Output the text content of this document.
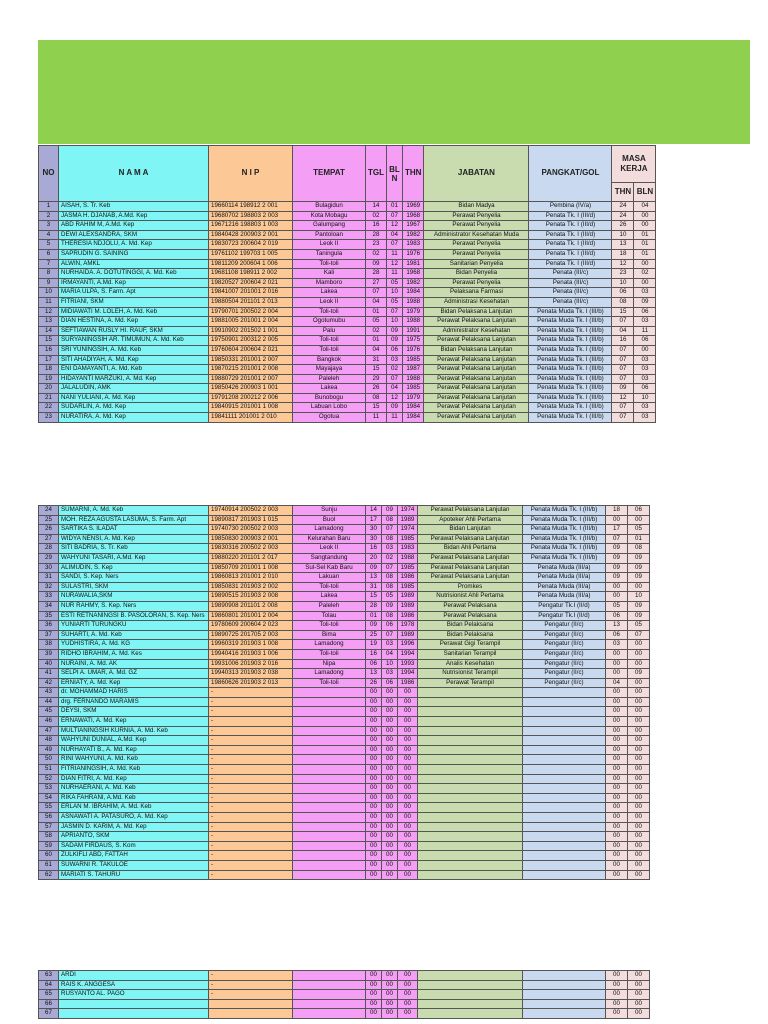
NO	N A M A	N I P	TEMPAT	TGL	BL N	THN	JABATAN	PANGKAT/GOL	MASA KERJA	
									THN	BLN
1	AISAH, S. Tr. Keb	19660114 198912 2 001	Bulagidun	14	01	1969	Bidan Madya	Pembina (IV/a)	24	04
2	JASMA H. DJANAB, A.Md. Kep	19680702 198803 2 003	Kota Mobagu	02	07	1968	Perawat Penyelia	Penata Tk. I (III/d)	24	00
3	ABD RAHIM M, A.Md. Kep	19671216 198803 1 003	Galumpang	16	12	1967	Perawat Penyelia	Penata Tk. I (III/d)	26	00
4	DEWI ALEXSANDRA, SKM	19840428 200903 2 001	Pantoloan	28	04	1982	Administrator Kesehatan Muda	Penata Tk. I (III/d)	10	01
5	THERESIA NDJOLU, A. Md. Kep	19830723 200604 2 019	Leok II	23	07	1983	Perawat Penyelia	Penata Tk. I (III/d)	13	01
6	SAPRUDIN G. SAINING	19761102 199703 1 005	Taningula	02	11	1976	Perawat Penyelia	Penata Tk. I (III/d)	18	01
7	ALWIN, AMKL	19811209 200604 1 006	Toli-toli	09	12	1981	Sanitarian Penyelia	Penata Tk. I (III/d)	12	00
8	NURHAIDA. A. DOTUTINGGI, A. Md. Keb	19681108 198911 2 002	Kali	28	11	1968	Bidan Penyelia	Penata (III/c)	23	02
9	IRMAYANTI, A.Md. Kep	19820527 200604 2 021	Mamboro	27	05	1982	Perawat Penyelia	Penata (III/c)	10	00
10	MARIA ULPA, S. Farm. Apt	19841007 201001 2 016	Lakea	07	10	1984	Pelaksana Farmasi	Penata (III/c)	06	03
11	FITRIANI, SKM	19880504 201101 2 013	Leok II	04	05	1988	Administrasi Kesehatan	Penata (III/c)	08	09
12	MIDIAWATI M. LOLEH, A. Md. Keb	19790701 200502 2 004	Toli-toli	01	07	1979	Bidan Pelaksana Lanjutan	Penata Muda Tk. I (III/b)	15	06
13	DIAN HESTINA, A. Md. Kep	19881005 201001 2 004	Ogotumubu	05	10	1988	Perawat Pelaksana Lanjutan	Penata Muda Tk. I (III/b)	07	03
14	SEFTIAWAN RUSLY HI. RAUF, SKM	19910902 201502 1 001	Palu	02	09	1991	Administrator Kesehatan	Penata Muda Tk. I (III/b)	04	11
15	SURYANINGSIH AR. TIMUMUN, A. Md. Keb	19750901 200312 2 005	Toli-toli	01	09	1975	Perawat Pelaksana Lanjutan	Penata Muda Tk. I (III/b)	16	06
16	SRI YUNINGSIH, A. Md. Keb	19760604 200604 2 021	Toli-toli	04	06	1976	Bidan Pelaksana Lanjutan	Penata Muda Tk. I (III/b)	07	00
17	SITI AHADIYAH, A. Md. Kep	19850331 201001 2 007	Bangkok	31	03	1985	Perawat Pelaksana Lanjutan	Penata Muda Tk. I (III/b)	07	03
18	ENI DAMAYANTI, A. Md. Keb	19870215 201001 2 008	Mayajaya	15	02	1987	Perawat Pelaksana Lanjutan	Penata Muda Tk. I (III/b)	07	03
19	HIDAYANTI MARZUKI, A. Md. Kep	19880729 201001 2 007	Paleleh	29	07	1988	Perawat Pelaksana Lanjutan	Penata Muda Tk. I (III/b)	07	03
20	JALALUDIN, AMK	19850426 200903 1 001	Lakea	26	04	1985	Perawat Pelaksana Lanjutan	Penata Muda Tk. I (III/b)	09	06
21	NANI YULIANI, A. Md. Kep	19791208 200212 2 006	Bunobogu	08	12	1979	Perawat Pelaksana Lanjutan	Penata Muda Tk. I (III/b)	12	10
22	SUDARLIN, A. Md. Kep	19840915 201001 1 008	Labuan Lobo	15	09	1984	Perawat Pelaksana Lanjutan	Penata Muda Tk. I (III/b)	07	03
23	NURATIRA, A. Md. Kep	19841111 201001 2 010	Ogotua	11	11	1984	Perawat Pelaksana Lanjutan	Penata Muda Tk. I (III/b)	07	03
24	SUMARNI, A. Md. Keb	19740914 200502 2 003	Sunju	14	09	1974	Perawat Pelaksana Lanjutan	Penata Muda Tk. I (III/b)	18	06
25	MOH. REZA AGUSTA LASUMA, S. Farm. Apt	19890817 201903 1 015	Buol	17	08	1989	Apoteker Ahli Pertama	Penata Muda Tk. I (III/b)	00	00
26	SARTIKA S. ILADAT	19740730 200502 2 003	Lamadong	30	07	1974	Bidan Lanjutan	Penata Muda Tk. I (III/b)	17	05
27	WIDYA NENSI, A. Md. Kep	19850830 200903 2 001	Kelurahan Baru	30	08	1985	Perawat Pelaksana Lanjutan	Penata Muda Tk. I (III/b)	07	01
28	SITI BADRIA, S. Tr. Keb	19830316 200502 2 003	Leok II	16	03	1983	Bidan Ahli Pertama	Penata Muda Tk. I (III/b)	09	08
29	WAHYUNI TASARI, A.Md. Kep	19880220 201101 2 017	Sangtandung	20	02	1988	Perawat Pelaksana Lanjutan	Penata Muda Tk. I (III/b)	09	09
30	ALIMUDIN, S. Kep	19850709 201001 1 008	Sul-Sel Kab Baru	09	07	1985	Perawat Pelaksana Lanjutan	Penata Muda (III/a)	09	09
31	SANDI, S. Kep. Ners	19860813 201001 2 010	Lakuan	13	08	1986	Perawat Pelaksana Lanjutan	Penata Muda (III/a)	09	09
32	SULASTRI, SKM	19850831 201903 2 002	Toli-toli	31	08	1985	Promkes	Penata Muda (III/a)	00	00
33	NURAWALIA,SKM	19890515 201903 2 008	Lakea	15	05	1989	Nutrisionist Ahli Pertama	Penata Muda (III/a)	00	10
34	NUR RAHMY, S. Kep. Ners	19890908 201101 2 008	Paleleh	28	09	1989	Perawat Pelaksana	Pengatur Tk.I (II/d)	05	09
35	ESTI RETNANINGSI B. PASOLORAN, S. Kep. Ners	19860801 201001 2 004	Tolau	01	08	1986	Perawat Pelaksana	Pengatur Tk.I (II/d)	06	09
36	YUNIARTI TURUNGKU	19780609 200604 2 023	Toli-toli	09	06	1978	Bidan Pelaksana	Pengatur (II/c)	13	05
37	SUHARTI, A. Md. Keb	19890725 201705 2 003	Bima	25	07	1989	Bidan Pelaksana	Pengatur (II/c)	06	07
38	YUDHISTIRA, A. Md. KG	19960319 201903 1 008	Lamadong	19	03	1996	Perawat Gigi Terampil	Pengatur (II/c)	03	00
39	RIDHO IBRAHIM, A. Md. Kes	19940416 201903 1 006	Toli-toli	16	04	1994	Sanitarian Terampil	Pengatur (II/c)	00	00
40	NURAINI, A. Md. AK	19931006 201903 2 016	Nipa	06	10	1993	Analis Kesehatan	Pengatur (II/c)	00	00
41	SELPI A. UMAR, A. Md. GZ	19940313 201903 2 038	Lamadong	13	03	1994	Nutrisionist Terampil	Pengatur (II/c)	00	09
42	ERNIATY, A. Md. Kep	19860626 201903 2 013	Toli-toli	26	06	1986	Perawat Terampil	Pengatur (II/c)	04	00
43	dr. MOHAMMAD HARIS	-		00	00	00			00	00
44	drg. FERNANDO MARAMIS	-		00	00	00			00	00
45	DEYSI, SKM	-		00	00	00			00	00
46	ERNAWATI, A. Md. Kep	-		00	00	00			00	00
47	MULTIANINGSIH KURNIA, A. Md. Keb	-		00	00	00			00	00
48	WAHYUNI DUNIAL, A.Md. Kep	-		00	00	00			00	00
49	NURHAYATI B., A. Md. Kep	-		00	00	00			00	00
50	RINI WAHYUNI, A. Md. Keb	-		00	00	00			00	00
51	FITRIANINGSIH, A. Md. Keb	-		00	00	00			00	00
52	DIAN FITRI, A. Md. Kep	-		00	00	00			00	00
53	NURHAERANI, A. Md. Keb	-		00	00	00			00	00
54	RIKA FAHRANI, A.Md. Keb	-		00	00	00			00	00
55	ERLAN M. IBRAHIM, A. Md. Keb	-		00	00	00			00	00
56	ASNAWATI A. PATASURO, A. Md. Kep	-		00	00	00			00	00
57	JASMIN D. KARIM, A. Md. Kep	-		00	00	00			00	00
58	APRIANTO, SKM	-		00	00	00			00	00
59	SADAM FIRDAUS, S. Kom	-		00	00	00			00	00
60	ZULKIFLI ABD, FATTAH	-		00	00	00			00	00
61	SUWARNI R. TAKULOE	-		00	00	00			00	00
62	MARIATI S. TAHURU	-		00	00	00			00	00
63	ARDI	-		00	00	00			00	00
64	RAIS K. ANGGESA	-		00	00	00			00	00
65	RUSYANTO AL. PAGO	-		00	00	00			00	00
66				00	00	00			00	00
67				00	00	00			00	00
